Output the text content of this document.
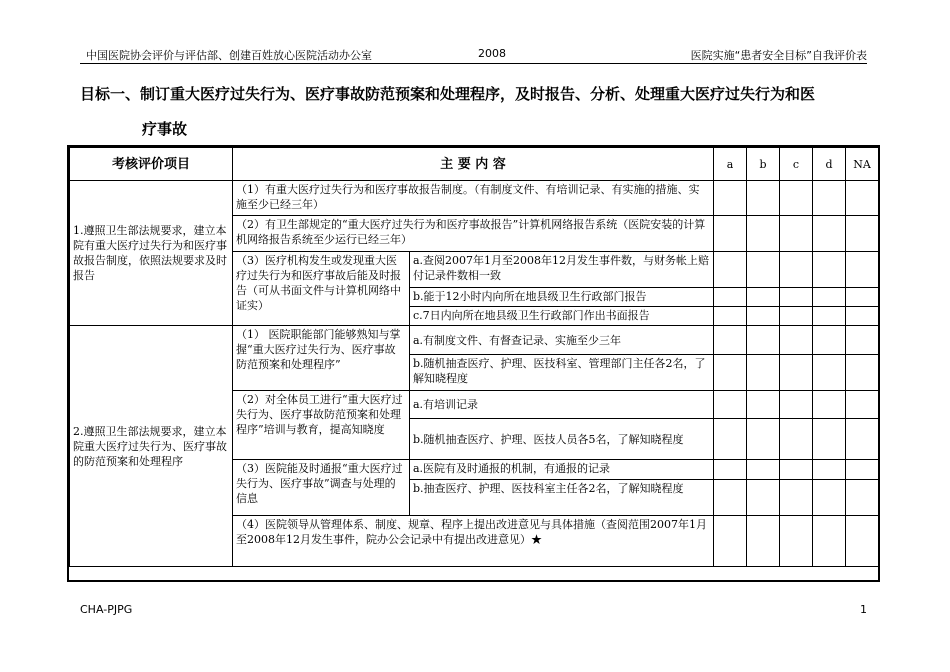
中国医院协会评价与评估部、创建百姓放心医院活动办公室	2008	医院实施“患者安全目标”自我评价表
目标一、制订重大医疗过失行为、医疗事故防范预案和处理程序，及时报告、分析、处理重大医疗过失行为和医
疗事故
考核评价项目	主 要 内 容		a	b	c	d	NA
1.遵照卫生部法规要求，建立本院有重大医疗过失行为和医疗事故报告制度，依照法规要求及时报告	（1）有重大医疗过失行为和医疗事故报告制度。（有制度文件、有培训记录、有实施的措施、实施至少已经三年）						
	（2）有卫生部规定的“重大医疗过失行为和医疗事故报告”计算机网络报告系统（医院安装的计算机网络报告系统至少运行已经三年）						
	（3）医疗机构发生或发现重大医疗过失行为和医疗事故后能及时报告（可从书面文件与计算机网络中证实）	a.查阅2007年1月至2008年12月发生事件数，与财务帐上赔付记录件数相一致					
		b.能于12小时内向所在地县级卫生行政部门报告					
		c.7日内向所在地县级卫生行政部门作出书面报告					
2.遵照卫生部法规要求，建立本院重大医疗过失行为、医疗事故的防范预案和处理程序	（1） 医院职能部门能够熟知与掌握“重大医疗过失行为、医疗事故防范预案和处理程序”	a.有制度文件、有督查记录、实施至少三年					
		b.随机抽查医疗、护理、医技科室、管理部门主任各2名，了解知晓程度					
	（2）对全体员工进行“重大医疗过失行为、医疗事故防范预案和处理程序”培训与教育，提高知晓度	a.有培训记录					
		b.随机抽查医疗、护理、医技人员各5名，了解知晓程度					
	（3）医院能及时通报“重大医疗过失行为、医疗事故”调查与处理的信息	a.医院有及时通报的机制，有通报的记录					
		b.抽查医疗、护理、医技科室主任各2名，了解知晓程度					
	（4）医院领导从管理体系、制度、规章、程序上提出改进意见与具体措施（查阅范围2007年1月至2008年12月发生事件，院办公会记录中有提出改进意见）★						
CHA-PJPG	1
